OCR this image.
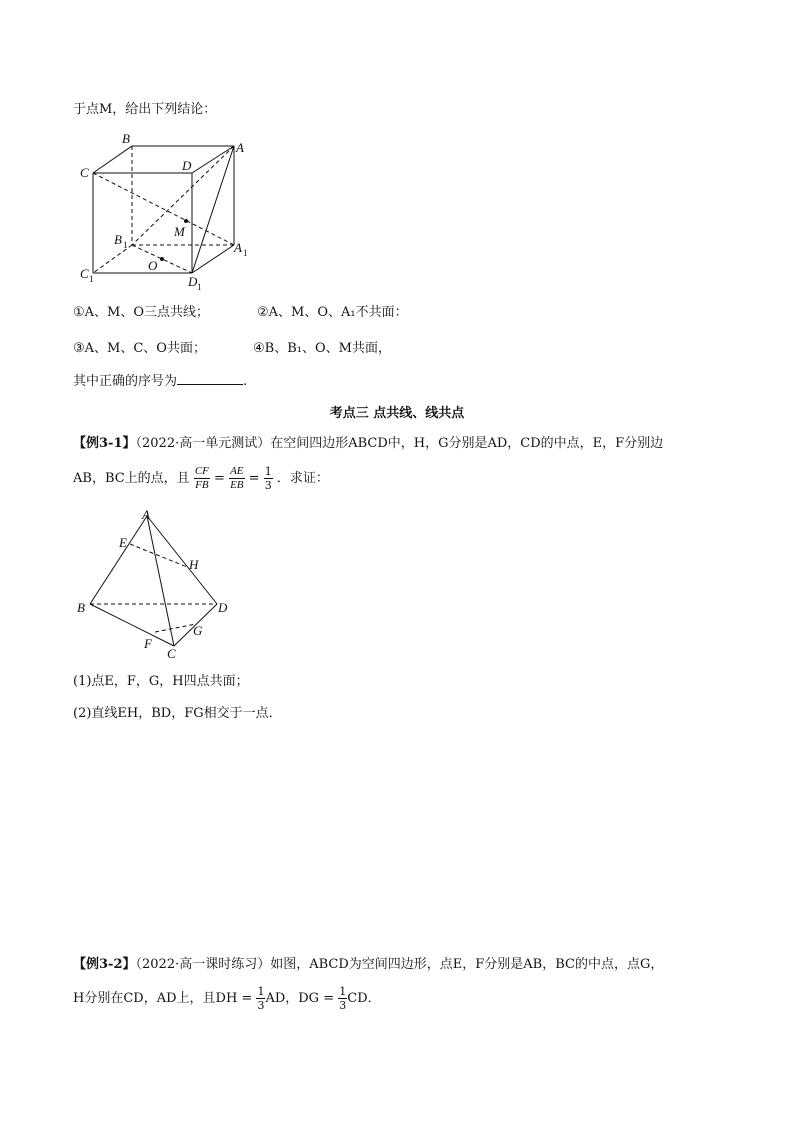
于点M，给出下列结论：
B
D
A
C
M
B 1	A 1
O
C 1	D 1
①A、M、O三点共线；	②A、M、O、A₁不共面：
③A、M、C、O共面；	④B、B₁、O、M共面，
其中正确的序号为	.
考点三 点共线、线共点
【例3-1】（2022·高一单元测试）在空间四边形ABCD中，H，G分别是AD，CD的中点，E，F分别边
AB，BC上的点，且 $\frac{CF}{FB} = \frac{AE}{EB} = \frac{1}{3}$ ．求证：
A
E
H
B	D
G
F
C
(1)点E，F，G，H四点共面；
(2)直线EH，BD，FG相交于一点．
【例3-2】（2022·高一课时练习）如图，ABCD为空间四边形，点E，F分别是AB，BC的中点，点G，
H分别在CD，AD上，且DH = $\frac{1}{3}$ AD，DG = $\frac{1}{3}$ CD．
